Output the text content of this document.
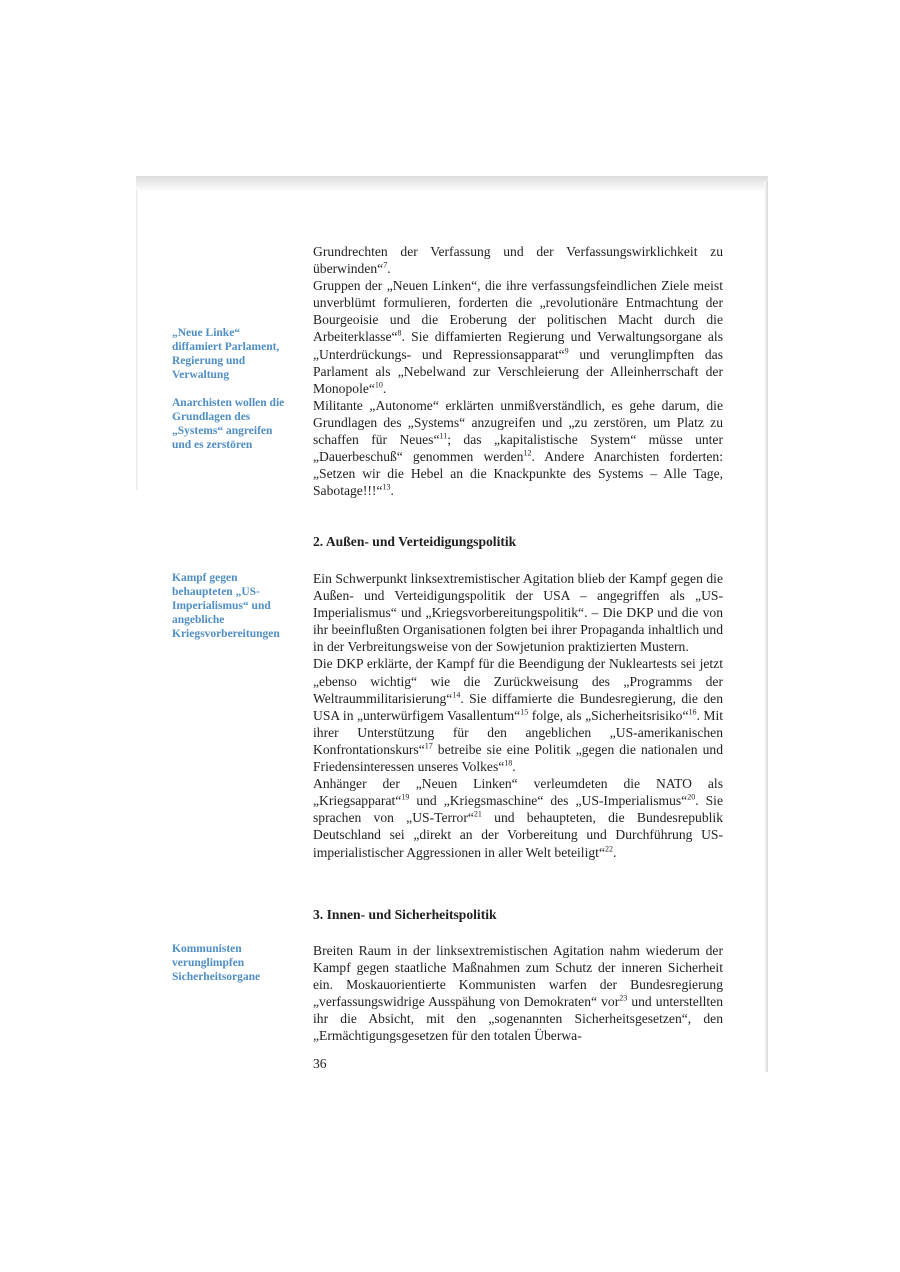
„Neue Linke“ diffamiert Parlament, Regierung und Verwaltung
Anarchisten wollen die Grundlagen des „Systems“ angreifen und es zerstören
Kampf gegen behaupteten „US-Imperialismus“ und angebliche Kriegsvorbereitungen
Kommunisten verunglimpfen Sicherheitsorgane

Grundrechten der Verfassung und der Verfassungswirklichkeit zu überwinden“$^7$.

Gruppen der „Neuen Linken“, die ihre verfassungsfeindlichen Ziele meist unverblümt formulieren, forderten die „revolutionäre Entmachtung der Bourgeoisie und die Eroberung der politischen Macht durch die Arbeiterklasse“$^8$. Sie diffamierten Regierung und Verwaltungsorgane als „Unterdrückungs- und Repressionsapparat“$^9$ und verunglimpften das Parlament als „Nebelwand zur Verschleierung der Alleinherrschaft der Monopole“$^{10}$.

Militante „Autonome“ erklärten unmißverständlich, es gehe darum, die Grundlagen des „Systems“ anzugreifen und „zu zerstören, um Platz zu schaffen für Neues“$^{11}$; das „kapitalistische System“ müsse unter „Dauerbeschuß“ genommen werden$^{12}$. Andere Anarchisten forderten: „Setzen wir die Hebel an die Knackpunkte des Systems – Alle Tage, Sabotage!!!“$^{13}$.

2. Außen- und Verteidigungspolitik

Ein Schwerpunkt linksextremistischer Agitation blieb der Kampf gegen die Außen- und Verteidigungspolitik der USA – angegriffen als „US-Imperialismus“ und „Kriegsvorbereitungspolitik“. – Die DKP und die von ihr beeinflußten Organisationen folgten bei ihrer Propaganda inhaltlich und in der Verbreitungsweise von der Sowjetunion praktizierten Mustern.

Die DKP erklärte, der Kampf für die Beendigung der Nukleartests sei jetzt „ebenso wichtig“ wie die Zurückweisung des „Programms der Weltraummilitarisierung“$^{14}$. Sie diffamierte die Bundesregierung, die den USA in „unterwürfigem Vasallentum“$^{15}$ folge, als „Sicherheitsrisiko“$^{16}$. Mit ihrer Unterstützung für den angeblichen „US-amerikanischen Konfrontationskurs“$^{17}$ betreibe sie eine Politik „gegen die nationalen und Friedensinteressen unseres Volkes“$^{18}$.

Anhänger der „Neuen Linken“ verleumdeten die NATO als „Kriegsapparat“$^{19}$ und „Kriegsmaschine“ des „US-Imperialismus“$^{20}$. Sie sprachen von „US-Terror“$^{21}$ und behaupteten, die Bundesrepublik Deutschland sei „direkt an der Vorbereitung und Durchführung US-imperialistischer Aggressionen in aller Welt beteiligt“$^{22}$.

3. Innen- und Sicherheitspolitik

Breiten Raum in der linksextremistischen Agitation nahm wiederum der Kampf gegen staatliche Maßnahmen zum Schutz der inneren Sicherheit ein. Moskauorientierte Kommunisten warfen der Bundesregierung „verfassungswidrige Ausspähung von Demokraten“ vor$^{23}$ und unterstellten ihr die Absicht, mit den „sogenannten Sicherheitsgesetzen“, den „Ermächtigungsgesetzen für den totalen Überwa-

36
